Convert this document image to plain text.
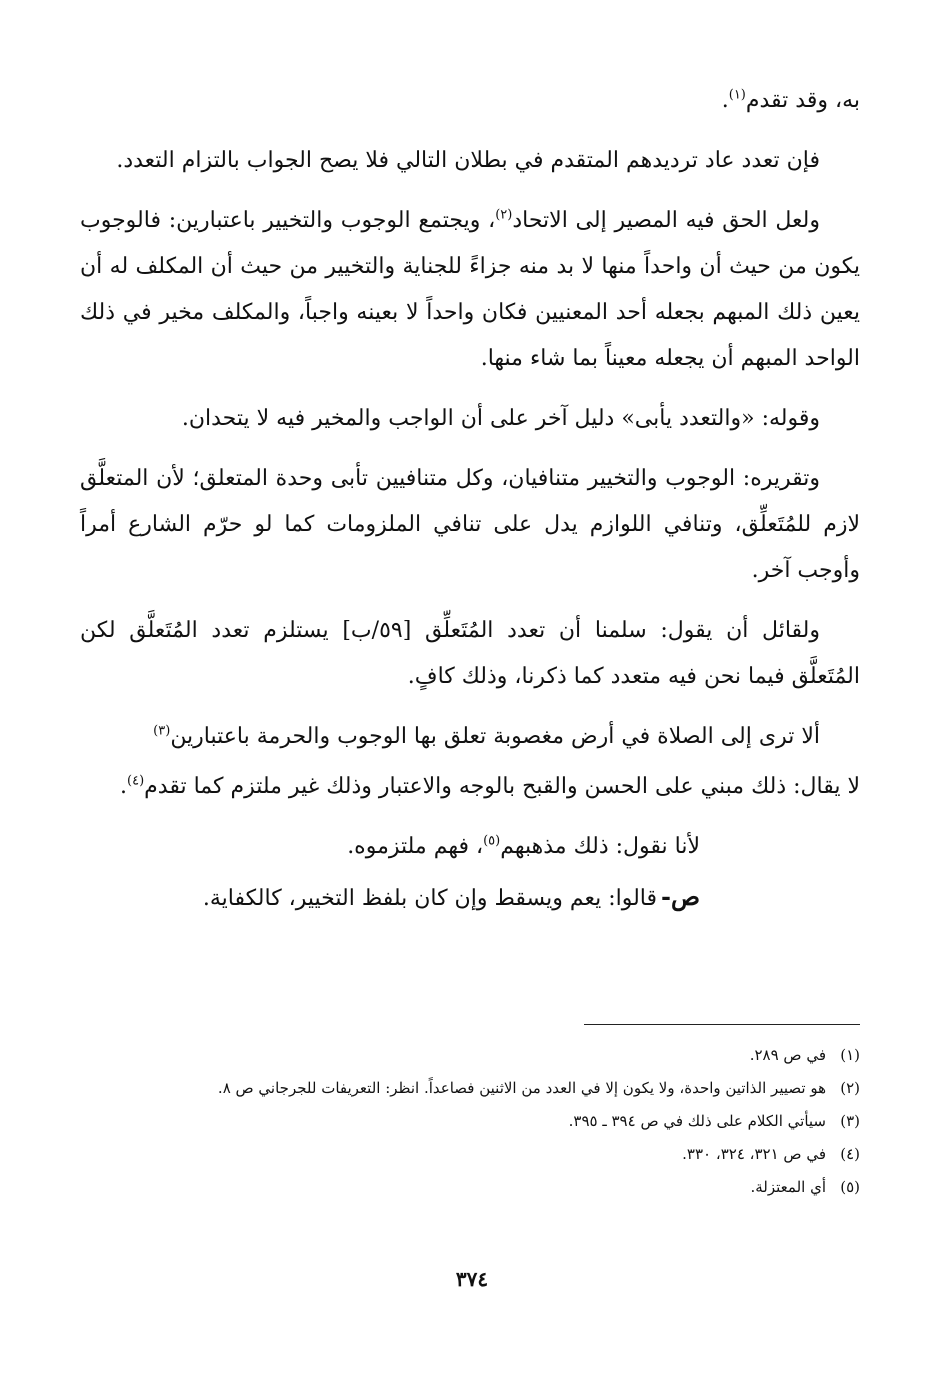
به، وقد تقدم$^{(١)}$.

فإن تعدد عاد ترديدهم المتقدم في بطلان التالي فلا يصح الجواب بالتزام التعدد.

ولعل الحق فيه المصير إلى الاتحاد$^{(٢)}$، ويجتمع الوجوب والتخيير باعتبارين: فالوجوب يكون من حيث أن واحداً منها لا بد منه جزاءً للجناية والتخيير من حيث أن المكلف له أن يعين ذلك المبهم بجعله أحد المعنيين فكان واحداً لا بعينه واجباً، والمكلف مخير في ذلك الواحد المبهم أن يجعله معيناً بما شاء منها.

وقوله: «والتعدد يأبى» دليل آخر على أن الواجب والمخير فيه لا يتحدان.

وتقريره: الوجوب والتخيير متنافيان، وكل متنافيين تأبى وحدة المتعلق؛ لأن المتعلَّق لازم للمُتَعلِّق، وتنافي اللوازم يدل على تنافي الملزومات كما لو حرّم الشارع أمراً وأوجب آخر.

ولقائل أن يقول: سلمنا أن تعدد المُتَعلِّق [٥٩/ب] يستلزم تعدد المُتَعلَّق لكن المُتَعلَّق فيما نحن فيه متعدد كما ذكرنا، وذلك كافٍ.

ألا ترى إلى الصلاة في أرض مغصوبة تعلق بها الوجوب والحرمة باعتبارين$^{(٣)}$

لا يقال: ذلك مبني على الحسن والقبح بالوجه والاعتبار وذلك غير ملتزم كما تقدم$^{(٤)}$.

لأنا نقول: ذلك مذهبهم$^{(٥)}$، فهم ملتزموه.

ص-قالوا: يعم ويسقط وإن كان بلفظ التخيير، كالكفاية.

(١)
في ص ٢٨٩.
(٢)
هو تصيير الذاتين واحدة، ولا يكون إلا في العدد من الاثنين فصاعداً. انظر: التعريفات للجرجاني ص ٨.
(٣)
سيأتي الكلام على ذلك في ص ٣٩٤ ـ ٣٩٥.
(٤)
في ص ٣٢١، ٣٢٤، ٣٣٠.
(٥)
أي المعتزلة.
٣٧٤
